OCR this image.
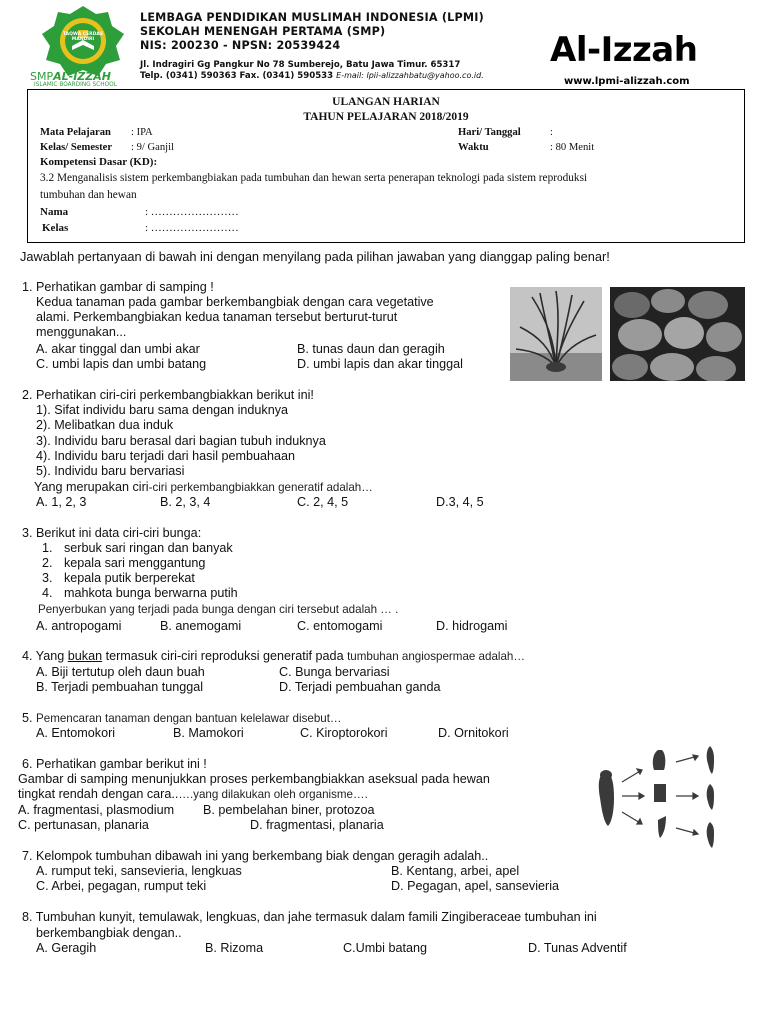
TAQWA CERDAS MANDIRI
SMPAL-IZZAH
ISLAMIC BOARDING SCHOOL
LEMBAGA PENDIDIKAN MUSLIMAH INDONESIA (LPMI)
SEKOLAH MENENGAH PERTAMA (SMP)
NIS: 200230 - NPSN: 20539424
Jl. Indragiri Gg Pangkur No 78 Sumberejo, Batu Jawa Timur. 65317
Telp. (0341) 590363 Fax. (0341) 590533 E-mail: lpii-alizzahbatu@yahoo.co.id.
Al-Izzah
www.lpmi-alizzah.com
ULANGAN HARIAN
TAHUN PELAJARAN 2018/2019
Mata Pelajaran : IPA	Hari/ Tanggal	:
Kelas/ Semester : 9/ Ganjil	Waktu	: 80 Menit
Kompetensi Dasar (KD):
3.2 Menganalisis sistem perkembangbiakan pada tumbuhan dan hewan serta penerapan teknologi pada sistem reproduksi
tumbuhan dan hewan
Nama	: ……………………
Kelas	: ……………………
Jawablah pertanyaan di bawah ini dengan menyilang pada pilihan jawaban yang dianggap paling benar!
1. Perhatikan gambar di samping !
Kedua tanaman pada gambar berkembangbiak dengan cara vegetative
alami. Perkembangbiakan kedua tanaman tersebut berturut-turut
menggunakan...
A. akar tinggal dan umbi akar	B. tunas daun dan geragih
C. umbi lapis dan umbi batang	D. umbi lapis dan akar tinggal
2. Perhatikan ciri-ciri perkembangbiakkan berikut ini!
1). Sifat individu baru sama dengan induknya
2). Melibatkan dua induk
3). Individu baru berasal dari bagian tubuh induknya
4). Individu baru terjadi dari hasil pembuahaan
5). Individu baru bervariasi
Yang merupakan ciri-ciri perkembangbiakkan generatif adalah…
A. 1, 2, 3	B. 2, 3, 4	C. 2, 4, 5	D.3, 4, 5
3. Berikut ini data ciri-ciri bunga:
1. serbuk sari ringan dan banyak
2. kepala sari menggantung
3. kepala putik berperekat
4. mahkota bunga berwarna putih
Penyerbukan yang terjadi pada bunga dengan ciri tersebut adalah … .
A. antropogami	B. anemogami	C. entomogami	D. hidrogami
4. Yang bukan termasuk ciri-ciri reproduksi generatif pada tumbuhan angiospermae adalah…
A. Biji tertutup oleh daun buah	C. Bunga bervariasi
B. Terjadi pembuahan tunggal	D. Terjadi pembuahan ganda
5. Pemencaran tanaman dengan bantuan kelelawar disebut…
A. Entomokori	B. Mamokori	C. Kiroptorokori	D. Ornitokori
6. Perhatikan gambar berikut ini !
Gambar di samping menunjukkan proses perkembangbiakkan aseksual pada hewan
tingkat rendah dengan cara..….yang dilakukan oleh organisme….
A. fragmentasi, plasmodium B. pembelahan biner, protozoa
C. pertunasan, planaria	D. fragmentasi, planaria
7. Kelompok tumbuhan dibawah ini yang berkembang biak dengan geragih adalah..
A. rumput teki, sansevieria, lengkuas	B. Kentang, arbei, apel
C. Arbei, pegagan, rumput teki	D. Pegagan, apel, sansevieria
8. Tumbuhan kunyit, temulawak, lengkuas, dan jahe termasuk dalam famili Zingiberaceae tumbuhan ini
berkembangbiak dengan..
A. Geragih	B. Rizoma	C.Umbi batang	D. Tunas Adventif
